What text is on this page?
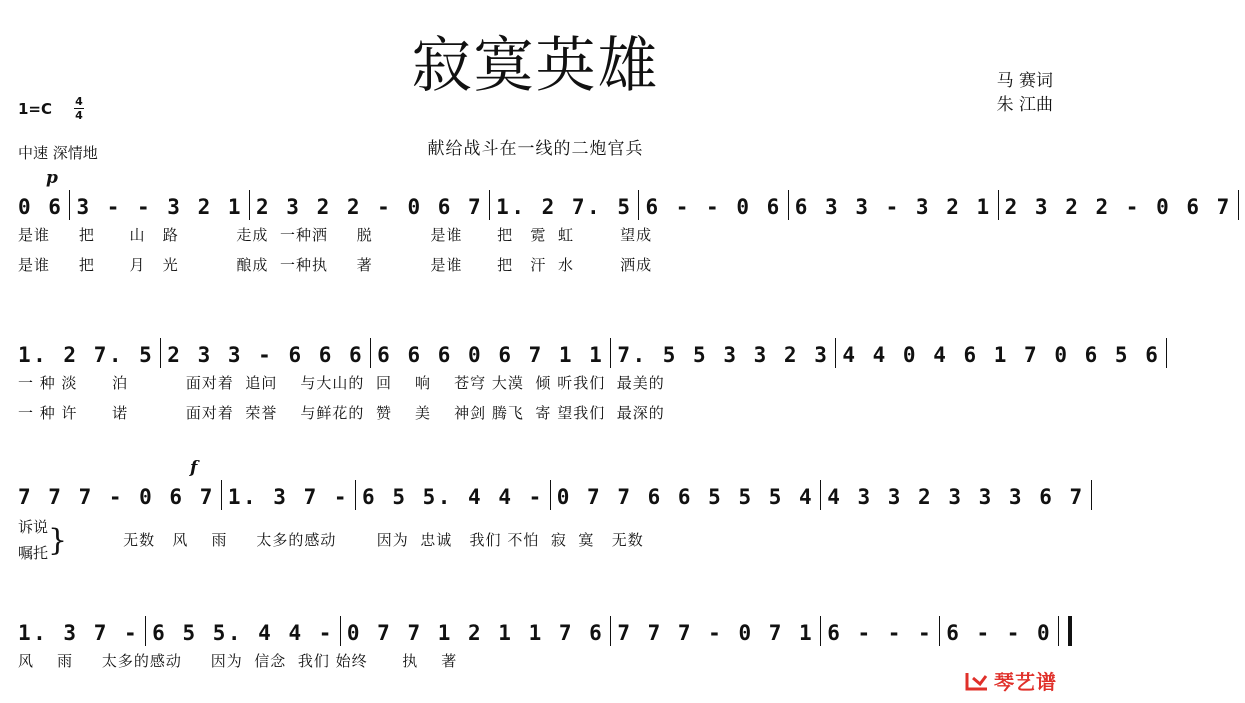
寂寞英雄	马 赛词
朱 江曲
1=C 4
4
中速 深情地	献给战斗在一线的二炮官兵
p
0 6 3 - - 3 2 1 2 3 2 2 - 0 6 7 1. 2 7. 5 6 - - 0 6 6 3 3 - 3 2 1 2 3 2 2 - 0 6 7
是谁     把      山   路          走成  一种洒     脱          是谁      把   霓  虹        望成
是谁     把      月   光          酿成  一种执     著          是谁      把   汗  水        洒成
1. 2 7. 5 2 3 3 - 6 6 6 6 6 6 0 6 7 1 1 7. 5 5 3 3 2 3 4 4 0 4 6 1 7 0 6 5 6
一 种 淡      泊          面对着  追问    与大山的  回    响    苍穹 大漠  倾 听我们  最美的
一 种 许      诺          面对着  荣誉    与鲜花的  赞    美    神剑 腾飞  寄 望我们  最深的
f
7 7 7 - 0 6 7 1. 3 7 - 6 5 5. 4 4 - 0 7 7 6 6 5 5 5 4 4 3 3 2 3 3 3 6 7
诉说
嘱托 }	无数   风    雨     太多的感动       因为  忠诚   我们 不怕  寂  寞   无数
1. 3 7 - 6 5 5. 4 4 - 0 7 7 1 2 1 1 7 6 7 7 7 - 0 7 1 6 - - - 6 - - 0
风    雨     太多的感动     因为  信念  我们 始终      执    著
琴艺谱
